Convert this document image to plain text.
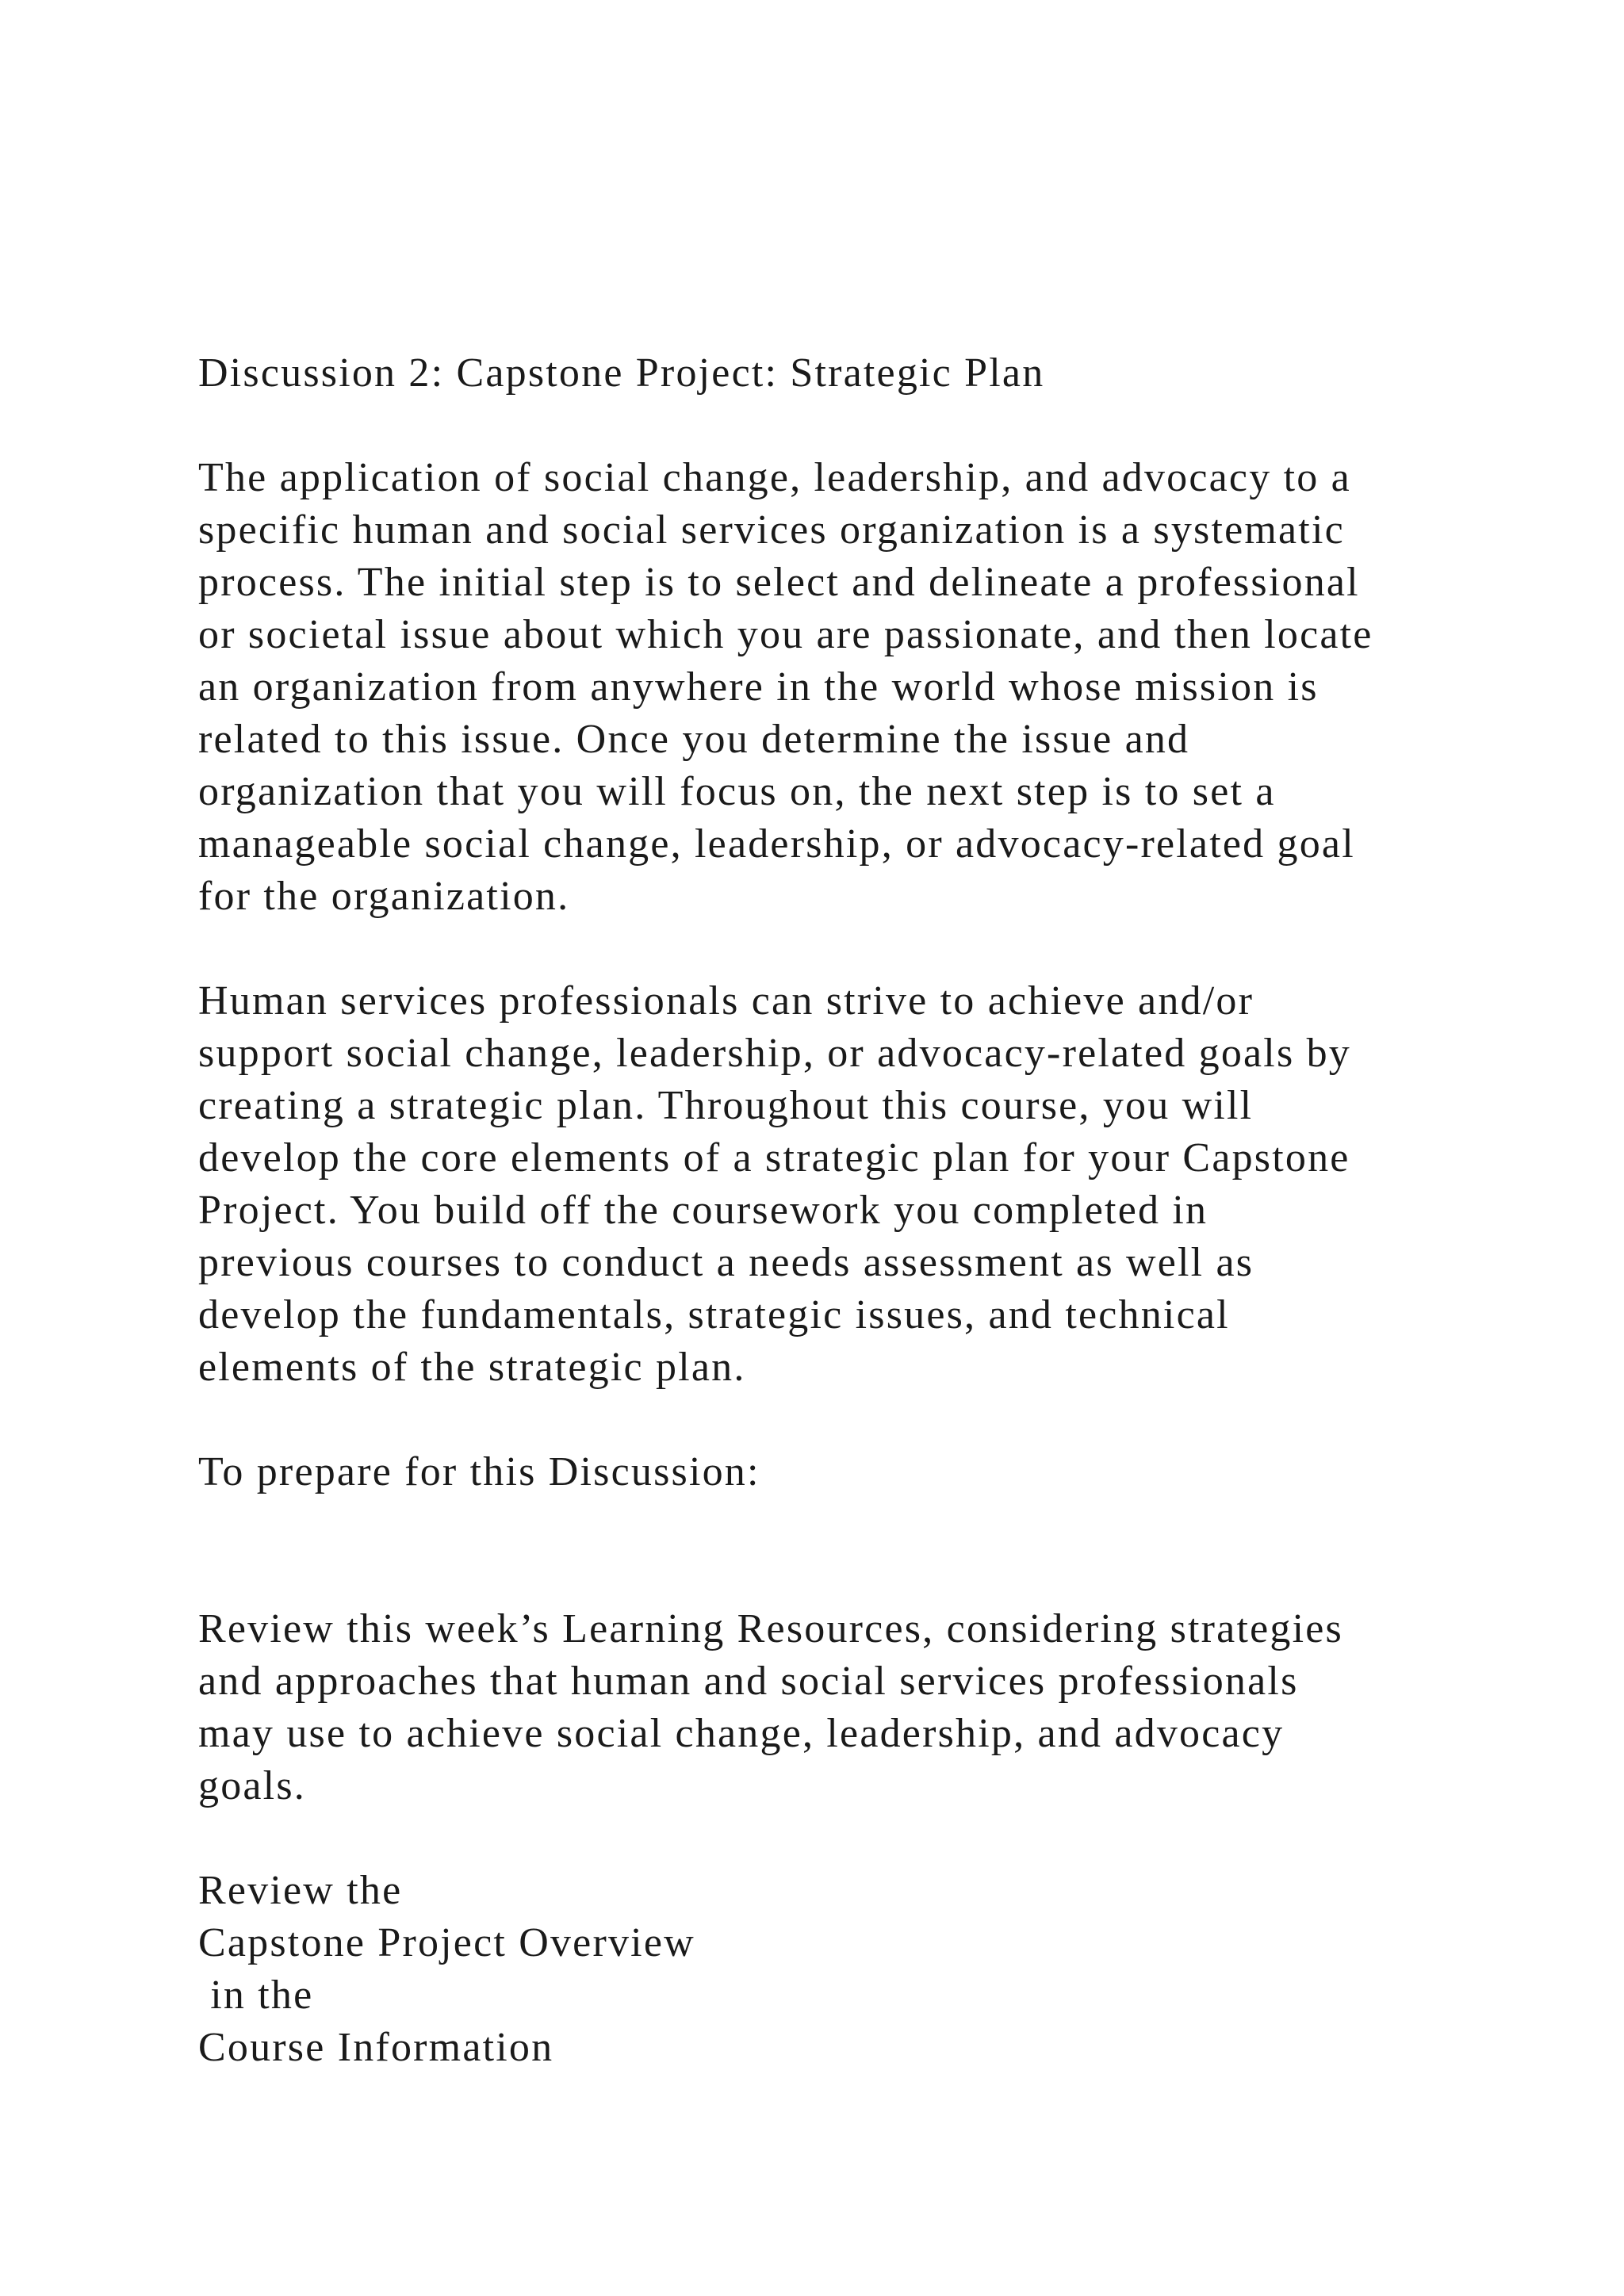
Discussion 2: Capstone Project: Strategic Plan
The application of social change, leadership, and advocacy to a
specific human and social services organization is a systematic
process. The initial step is to select and delineate a professional
or societal issue about which you are passionate, and then locate
an organization from anywhere in the world whose mission is
related to this issue. Once you determine the issue and
organization that you will focus on, the next step is to set a
manageable social change, leadership, or advocacy-related goal
for the organization.
Human services professionals can strive to achieve and/or
support social change, leadership, or advocacy-related goals by
creating a strategic plan. Throughout this course, you will
develop the core elements of a strategic plan for your Capstone
Project. You build off the coursework you completed in
previous courses to conduct a needs assessment as well as
develop the fundamentals, strategic issues, and technical
elements of the strategic plan.
To prepare for this Discussion:
Review this week’s Learning Resources, considering strategies
and approaches that human and social services professionals
may use to achieve social change, leadership, and advocacy
goals.
Review the
Capstone Project Overview
in the
Course Information
